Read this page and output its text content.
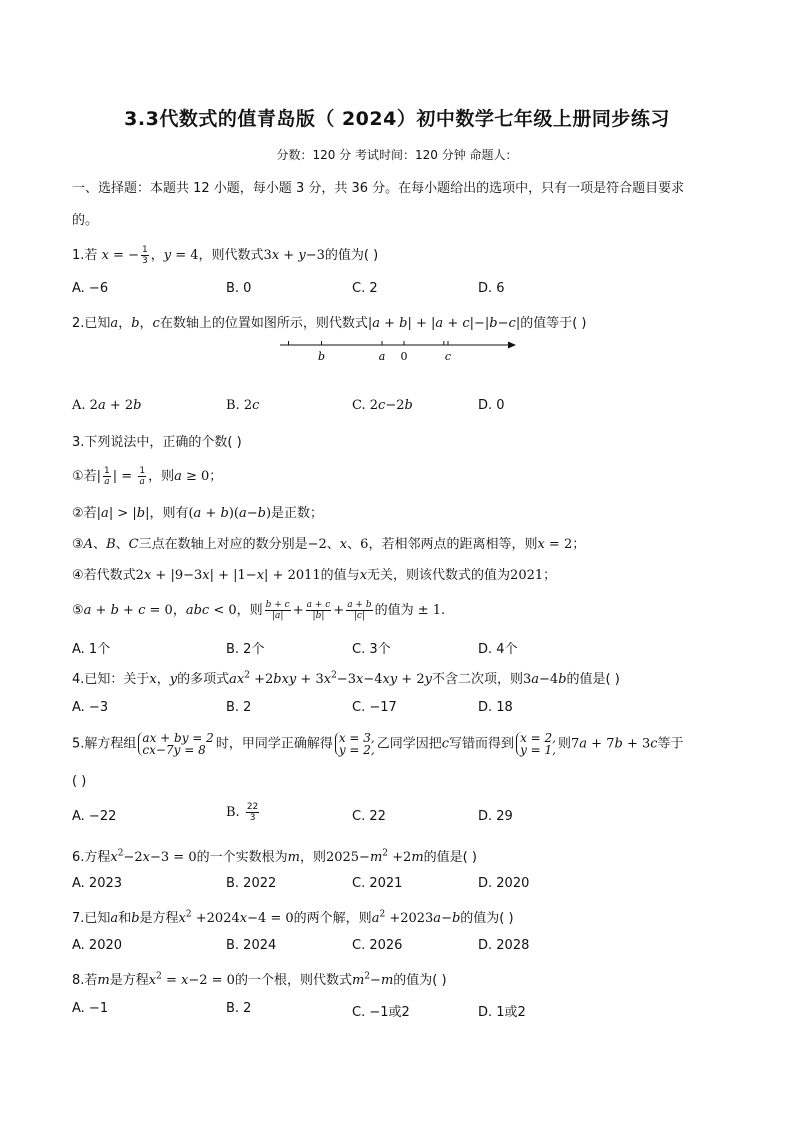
3.3代数式的值青岛版（ 2024）初中数学七年级上册同步练习
分数：120 分 考试时间：120 分钟 命题人：
一、选择题：本题共 12 小题，每小题 3 分，共 36 分。在每小题给出的选项中，只有一项是符合题目要求
的。
1.若 x = − $\frac{1}{3}$ ，y = 4，则代数式3x + y−3的值为( )
A. −6	B. 0	C. 2	D. 6
2.已知a，b，c在数轴上的位置如图所示，则代数式|a + b| + |a + c|−|b−c|的值等于( )
b	a 0	c
A. 2a + 2b	B. 2c	C. 2c−2b	D. 0
3.下列说法中，正确的个数( )
①若| $\frac{1}{a}$ | = $\frac{1}{a}$ ，则a ≥ 0；
②若|a| > |b|，则有(a + b)(a−b)是正数；
③A、B、C三点在数轴上对应的数分别是−2、x、6，若相邻两点的距离相等，则x = 2；
④若代数式2x + |9−3x| + |1−x| + 2011的值与x无关，则该代数式的值为2021；
⑤a + b + c = 0，abc < 0，则 $\frac{b + c}{|a|} + \frac{a + c}{|b|} + \frac{a + b}{|c|}$ 的值为 ± 1.
A. 1个	B. 2个	C. 3个	D. 4个
4.已知：关于x，y的多项式$ax^2 +2bxy + 3x^2-3x-4xy + 2y$不含二次项，则3a−4b的值是( )
A. −3	B. 2	C. −17	D. 18
5.解方程组 ax + by = 2
cx−7y = 8 时，甲同学正确解得 x = 3,
y = 2, 乙同学因把c写错而得到 x = 2,
y = 1, 则7a + 7b + 3c等于
( )
A. −22	B. $\frac{22}{3}$	C. 22	D. 29
6.方程$x^2-2x-3 = 0$的一个实数根为m，则$2025-m^2 +2m$的值是( )
A. 2023	B. 2022	C. 2021	D. 2020
7.已知a和b是方程$x^2 +2024x-4 = 0$的两个解，则$a^2 +2023a-b$的值为( )
A. 2020	B. 2024	C. 2026	D. 2028
8.若m是方程$x^2 = x-2 = 0$的一个根，则代数式$m^2-m$的值为( )
A. −1	B. 2	C. −1或2	D. 1或2
